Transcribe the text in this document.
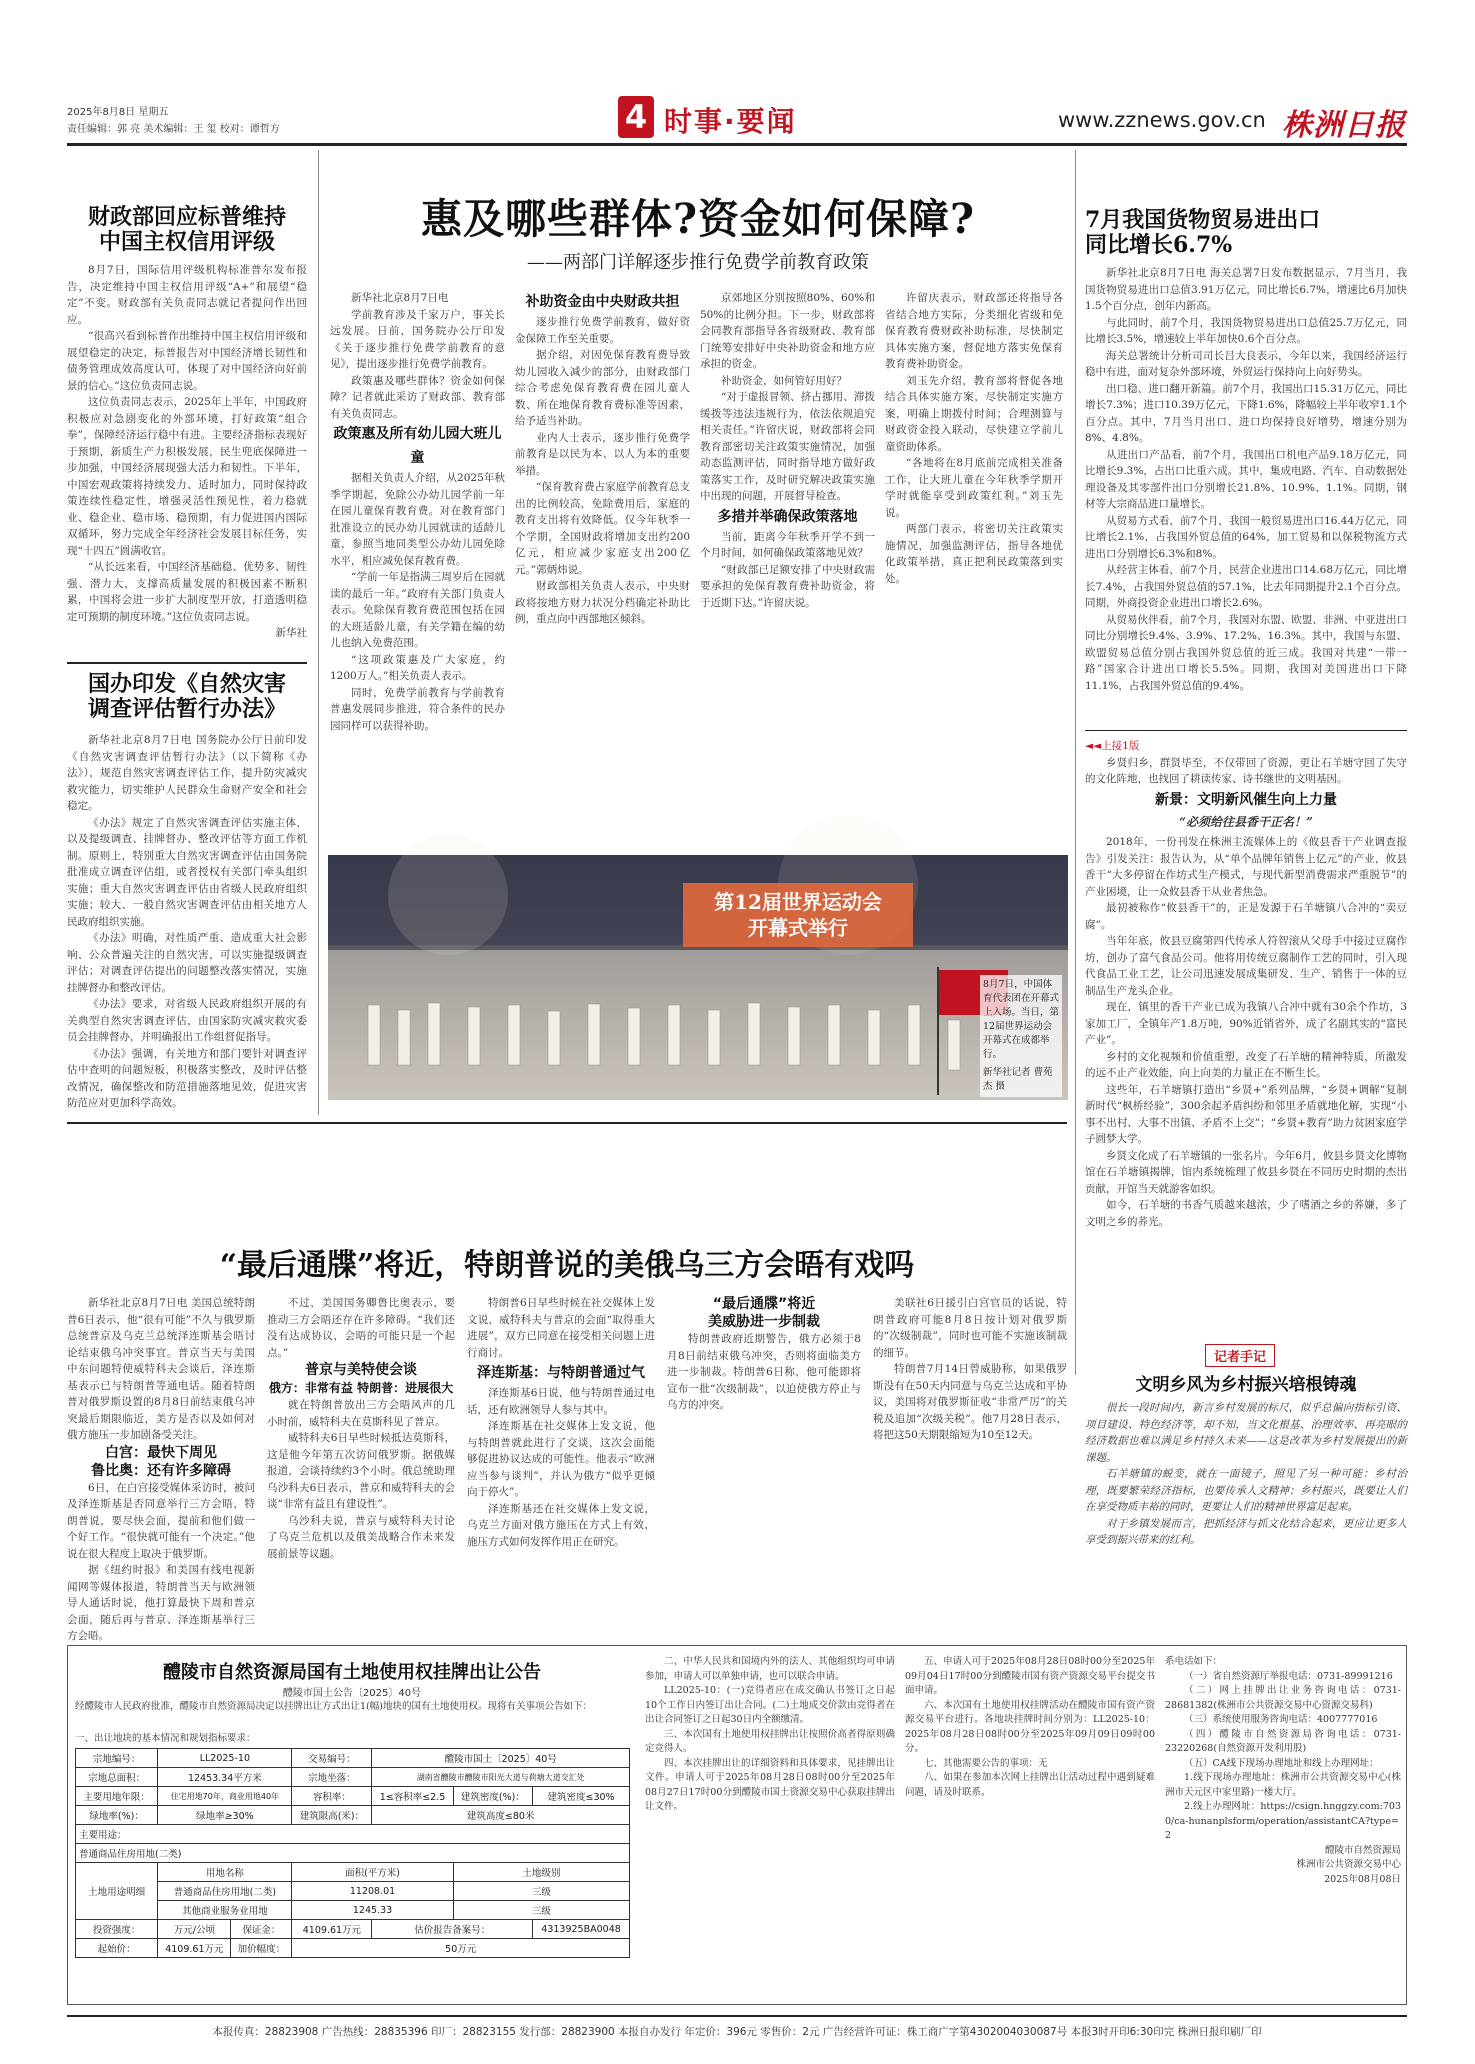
2025年8月8日 星期五
责任编辑：郭 亮 美术编辑：王 玺 校对：谭哲方	4 时事·要闻	www.zznews.gov.cn 株洲日报
财政部回应标普维持
中国主权信用评级

8月7日，国际信用评级机构标准普尔发布报告，决定维持中国主权信用评级“A+”和展望“稳定”不变。财政部有关负责同志就记者提问作出回应。

“很高兴看到标普作出维持中国主权信用评级和展望稳定的决定，标普报告对中国经济增长韧性和债务管理成效高度认可，体现了对中国经济向好前景的信心。”这位负责同志说。

这位负责同志表示，2025年上半年，中国政府积极应对急剧变化的外部环境，打好政策“组合拳”，保障经济运行稳中有进。主要经济指标表现好于预期，新质生产力积极发展，民生兜底保障进一步加强，中国经济展现强大活力和韧性。下半年，中国宏观政策将持续发力、适时加力，同时保持政策连续性稳定性，增强灵活性预见性，着力稳就业、稳企业、稳市场、稳预期，有力促进国内国际双循环，努力完成全年经济社会发展目标任务，实现“十四五”圆满收官。

“从长远来看，中国经济基础稳、优势多、韧性强、潜力大，支撑高质量发展的积极因素不断积累，中国将会进一步扩大制度型开放，打造透明稳定可预期的制度环境。”这位负责同志说。

新华社

国办印发《自然灾害
调查评估暂行办法》

新华社北京8月7日电 国务院办公厅日前印发《自然灾害调查评估暂行办法》（以下简称《办法》），规范自然灾害调查评估工作，提升防灾减灾救灾能力，切实维护人民群众生命财产安全和社会稳定。

《办法》规定了自然灾害调查评估实施主体，以及提级调查、挂牌督办、整改评估等方面工作机制。原则上，特别重大自然灾害调查评估由国务院批准成立调查评估组，或者授权有关部门牵头组织实施；重大自然灾害调查评估由省级人民政府组织实施；较大、一般自然灾害调查评估由相关地方人民政府组织实施。

《办法》明确，对性质严重、造成重大社会影响、公众普遍关注的自然灾害，可以实施提级调查评估；对调查评估提出的问题整改落实情况，实施挂牌督办和整改评估。

《办法》要求，对省级人民政府组织开展的有关典型自然灾害调查评估，由国家防灾减灾救灾委员会挂牌督办，并明确报出工作组督促指导。

《办法》强调，有关地方和部门要针对调查评估中查明的问题短板，积极落实整改，及时评估整改情况，确保整改和防范措施落地见效，促进灾害防范应对更加科学高效。

惠及哪些群体?资金如何保障?
——两部门详解逐步推行免费学前教育政策

新华社北京8月7日电

学前教育涉及千家万户，事关长远发展。日前，国务院办公厅印发《关于逐步推行免费学前教育的意见》，提出逐步推行免费学前教育。

政策惠及哪些群体？资金如何保障？记者就此采访了财政部、教育部有关负责同志。

政策惠及所有幼儿园大班儿童

据相关负责人介绍，从2025年秋季学期起，免除公办幼儿园学前一年在园儿童保育教育费。对在教育部门批准设立的民办幼儿园就读的适龄儿童，参照当地同类型公办幼儿园免除水平，相应减免保育教育费。

“学前一年是指满三周岁后在园就读的最后一年。”政府有关部门负责人表示。免除保育教育费范围包括在园的大班适龄儿童，有关学籍在编的幼儿也纳入免费范围。

“这项政策惠及广大家庭，约1200万人。”相关负责人表示。

同时，免费学前教育与学前教育普惠发展同步推进，符合条件的民办园同样可以获得补助。

补助资金由中央财政共担

逐步推行免费学前教育，做好资金保障工作至关重要。

据介绍，对因免保育教育费导致幼儿园收入减少的部分，由财政部门综合考虑免保育教育费在园儿童人数、所在地保育教育费标准等因素，给予适当补助。

业内人士表示，逐步推行免费学前教育是以民为本、以人为本的重要举措。

“保育教育费占家庭学前教育总支出的比例较高，免除费用后，家庭的教育支出将有效降低。仅今年秋季一个学期，全国财政将增加支出约200亿元，相应减少家庭支出200亿元。”郭炳炜说。

财政部相关负责人表示，中央财政将按地方财力状况分档确定补助比例，重点向中西部地区倾斜。

京郊地区分别按照80%、60%和50%的比例分担。下一步，财政部将会同教育部指导各省级财政、教育部门统筹安排好中央补助资金和地方应承担的资金。

补助资金，如何管好用好？

“对于虚报冒领、挤占挪用、滞拨缓拨等违法违规行为，依法依规追究相关责任。”许留庆说，财政部将会同教育部密切关注政策实施情况，加强动态监测评估，同时指导地方做好政策落实工作，及时研究解决政策实施中出现的问题，开展督导检查。

多措并举确保政策落地

当前，距离今年秋季开学不到一个月时间，如何确保政策落地见效？

“财政部已足额安排了中央财政需要承担的免保育教育费补助资金，将于近期下达。”许留庆说。

许留庆表示，财政部还将指导各省结合地方实际，分类细化省级和免保育教育费财政补助标准，尽快制定具体实施方案，督促地方落实免保育教育费补助资金。

刘玉先介绍，教育部将督促各地结合具体实施方案，尽快制定实施方案，明确上期拨付时间；合理测算与财政资金投入联动，尽快建立学前儿童资助体系。

“各地将在8月底前完成相关准备工作，让大班儿童在今年秋季学期开学时就能享受到政策红利。”刘玉先说。

两部门表示，将密切关注政策实施情况，加强监测评估，指导各地优化政策举措，真正把利民政策落到实处。

第12届世界运动会
开幕式举行
8月7日，中国体育代表团在开幕式上入场。当日，第12届世界运动会开幕式在成都举行。
新华社记者 曹苑杰 摄
7月我国货物贸易进出口
同比增长6.7%

新华社北京8月7日电 海关总署7日发布数据显示，7月当月，我国货物贸易进出口总值3.91万亿元，同比增长6.7%，增速比6月加快1.5个百分点，创年内新高。

与此同时，前7个月，我国货物贸易进出口总值25.7万亿元，同比增长3.5%，增速较上半年加快0.6个百分点。

海关总署统计分析司司长吕大良表示，今年以来，我国经济运行稳中有进，面对复杂外部环境，外贸运行保持向上向好势头。

出口稳、进口翻开新篇。前7个月，我国出口15.31万亿元，同比增长7.3%；进口10.39万亿元，下降1.6%，降幅较上半年收窄1.1个百分点。其中，7月当月出口、进口均保持良好增势，增速分别为8%、4.8%。

从进出口产品看，前7个月，我国出口机电产品9.18万亿元，同比增长9.3%，占出口比重六成。其中，集成电路、汽车、自动数据处理设备及其零部件出口分别增长21.8%、10.9%、1.1%。同期，钢材等大宗商品进口量增长。

从贸易方式看，前7个月，我国一般贸易进出口16.44万亿元，同比增长2.1%，占我国外贸总值的64%，加工贸易和以保税物流方式进出口分别增长6.3%和8%。

从经营主体看，前7个月，民营企业进出口14.68万亿元，同比增长7.4%，占我国外贸总值的57.1%，比去年同期提升2.1个百分点。同期，外商投资企业进出口增长2.6%。

从贸易伙伴看，前7个月，我国对东盟、欧盟、非洲、中亚进出口同比分别增长9.4%、3.9%、17.2%、16.3%。其中，我国与东盟、欧盟贸易总值分别占我国外贸总值的近三成。我国对共建“一带一路”国家合计进出口增长5.5%。同期，我国对美国进出口下降11.1%，占我国外贸总值的9.4%。

◄◄上接1版

乡贤归乡，群贤毕至，不仅带回了资源，更让石羊塘守回了失守的文化阵地，也找回了耕读传家、诗书继世的文明基因。

新景：文明新风催生向上力量
“必须给往县香干正名！”

2018年，一份刊发在株洲主流媒体上的《攸县香干产业调查报告》引发关注：报告认为，从“单个品牌年销售上亿元”的产业，攸县香干“大多停留在作坊式生产模式，与现代新型消费需求严重脱节”的产业困境，让一众攸县香干从业者焦急。

最初被称作“攸县香干”的，正是发源于石羊塘镇八合冲的“卖豆腐”。

当年年底，攸县豆腐第四代传承人符智滚从父母手中接过豆腐作坊，创办了富气食品公司。他将用传统豆腐制作工艺的同时，引入现代食品工业工艺，让公司迅速发展成集研发、生产、销售于一体的豆制品生产龙头企业。

现在，镇里的香干产业已成为我镇八合冲中就有30余个作坊，3家加工厂，全镇年产1.8万吨，90%近销省外，成了名副其实的“富民产业”。

乡村的文化视频和价值重塑，改变了石羊塘的精神特质，所激发的远不止产业效能，向上向美的力量正在不断生长。

这些年，石羊塘镇打造出“乡贤+”系列品牌，“乡贤+调解”复制新时代“枫桥经验”，300余起矛盾纠纷和邻里矛盾就地化解，实现“小事不出村、大事不出镇、矛盾不上交”；“乡贤+教育”助力贫困家庭学子圆梦大学。

乡贤文化成了石羊塘镇的一张名片。今年6月，攸县乡贤文化博物馆在石羊塘镇揭牌，馆内系统梳理了攸县乡贤在不同历史时期的杰出贡献，开馆当天就游客如织。

如今，石羊塘的书香气质越来越浓，少了嗜酒之乡的荞嫌，多了文明之乡的荞光。

记者手记
文明乡风为乡村振兴培根铸魂

很长一段时间内，新言乡村发展的标尺，似乎总偏向指标引资、项目建设、特色经济等，却不知，当文化根基、治理效率、再亮眼的经济数据也难以满足乡村持久未来——这是改革为乡村发展提出的新课题。

石羊塘镇的蜕变，就在一面镜子，照见了另一种可能：乡村治理，既要繁荣经济指标，也要传承人文精神；乡村振兴，既要让人们在享受物质丰裕的同时，更要让人们的精神世界富足起来。

对于乡镇发展而言，把抓经济与抓文化结合起来，更应让更多人享受到振兴带来的红利。

“最后通牒”将近，特朗普说的美俄乌三方会晤有戏吗

新华社北京8月7日电 美国总统特朗普6日表示，他“很有可能”不久与俄罗斯总统普京及乌克兰总统泽连斯基会晤讨论结束俄乌冲突事宜。普京当天与美国中东问题特使威特科夫会谈后，泽连斯基表示已与特朗普等通电话。随着特朗普对俄罗斯设置的8月8日前结束俄乌冲突最后期限临近，美方是否以及如何对俄方施压一步加剧备受关注。

白宫：最快下周见
鲁比奥：还有许多障碍

6日，在白宫接受媒体采访时，被问及泽连斯基是否同意举行三方会晤，特朗普说，要尽快会面，提前和他们做一个好工作。“很快就可能有一个决定。”他说在很大程度上取决于俄罗斯。

据《纽约时报》和美国有线电视新闻网等媒体报道，特朗普当天与欧洲领导人通话时说，他打算最快下周和普京会面，随后再与普京、泽连斯基举行三方会晤。

不过，美国国务卿鲁比奥表示，要推动三方会晤还存在许多障碍。“我们还没有达成协议，会晤的可能只是一个起点。”

普京与美特使会谈
俄方：非常有益 特朗普：进展很大

就在特朗普放出三方会晤风声的几小时前，威特科夫在莫斯科见了普京。

威特科夫6日早些时候抵达莫斯科，这是他今年第五次访问俄罗斯。据俄媒报道，会谈持续约3个小时。俄总统助理乌沙科夫6日表示，普京和威特科夫的会谈“非常有益且有建设性”。

乌沙科夫说，普京与威特科夫讨论了乌克兰危机以及俄美战略合作未来发展前景等议题。

特朗普6日早些时候在社交媒体上发文说，威特科夫与普京的会面“取得重大进展”，双方已同意在接受相关问题上进行商讨。

泽连斯基：与特朗普通过气

泽连斯基6日说，他与特朗普通过电话，还有欧洲领导人参与其中。

泽连斯基在社交媒体上发文说，他与特朗普就此进行了交谈，这次会面能够促进协议达成的可能性。他表示“欧洲应当参与谈判”，并认为俄方“似乎更倾向于停火”。

泽连斯基还在社交媒体上发文说，乌克兰方面对俄方施压在方式上有效，施压方式如何发挥作用正在研究。

“最后通牒”将近
美威胁进一步制裁

特朗普政府近期警告，俄方必须于8月8日前结束俄乌冲突，否则将面临美方进一步制裁。特朗普6日称，他可能即将宣布一批“次级制裁”，以迫使俄方停止与乌方的冲突。

美联社6日援引白宫官员的话说，特朗普政府可能8月8日按计划对俄罗斯的“次级制裁”，同时也可能不实施该制裁的细节。

特朗普7月14日曾威胁称，如果俄罗斯没有在50天内同意与乌克兰达成和平协议，美国将对俄罗斯征收“非常严厉”的关税及追加“次级关税”。他7月28日表示，将把这50天期限缩短为10至12天。

醴陵市自然资源局国有土地使用权挂牌出让公告
醴陵市国土公告〔2025〕40号
经醴陵市人民政府批准，醴陵市自然资源局决定以挂牌出让方式出让1(幅)地块的国有土地使用权。现将有关事项公告如下：
一、出让地块的基本情况和规划指标要求：
宗地编号：	LL2025-10		交易编号：	醴陵市国土〔2025〕40号		
宗地总面积：	12453.34平方米		宗地坐落：	湖南省醴陵市醴陵市阳光大道与荷塘大道交汇处		
主要用地年限：	住宅用地70年，商业用地40年		容积率：	1≤容积率≤2.5	建筑密度(%)：	建筑密度≤30%
绿地率(%)：	绿地率≥30%		建筑限高(米)：	建筑高度≤80米		
主要用途：						
普通商品住房用地(二类)						
土地用途明细	用地名称		面积(平方米)		土地级别	
	普通商品住房用地(二类)		11208.01		三级	
	其他商业服务业用地		1245.33		三级	
投资强度：	万元/公顷	保证金：	4109.61万元	估价报告备案号：		4313925BA0048
起始价：	4109.61万元	加价幅度：	50万元			

二、中华人民共和国境内外的法人、其他组织均可申请参加，申请人可以单独申请，也可以联合申请。

LL2025-10：(一)竞得者应在成交确认书签订之日起10个工作日内签订出让合同。(二)土地成交价款由竞得者在出让合同签订之日起30日内全额缴清。

三、本次国有土地使用权挂牌出让按照价高者得原则确定竞得人。

四、本次挂牌出让的详细资料和具体要求，见挂牌出让文件。申请人可于2025年08月28日08时00分至2025年08月27日17时00分到醴陵市国土资源交易中心获取挂牌出让文件。

五、申请人可于2025年08月28日08时00分至2025年09月04日17时00分到醴陵市国有资产资源交易平台提交书面申请。

六、本次国有土地使用权挂牌活动在醴陵市国有资产资源交易平台进行。各地块挂牌时间分别为：LL2025-10：2025年08月28日08时00分至2025年09月09日09时00分。

七、其他需要公告的事项：无

八、如果在参加本次网上挂牌出让活动过程中遇到疑难问题，请及时联系。

系电话如下：

（一）省自然资源厅举报电话：0731-89991216

（二）网上挂牌出让业务咨询电话：0731-28681382(株洲市公共资源交易中心资源交易科)

（三）系统使用服务咨询电话：4007777016

（四）醴陵市自然资源局咨询电话：0731-23220268(自然资源开发利用股)

（五）CA线下现场办理地址和线上办理网址：

1.线下现场办理地址：株洲市公共资源交易中心(株洲市天元区中家里路)一楼大厅。

2.线上办理网址：https://csign.hnggzy.com:7030/ca-hunanplsform/operation/assistantCA?type=2

醴陵市自然资源局

株洲市公共资源交易中心

2025年08月08日

本报传真：28823908 广告热线：28835396 印厂：28823155 发行部：28823900 本报自办发行 年定价：396元 零售价：2元 广告经营许可证：株工商广字第4302004030087号 本报3时开印6:30印完 株洲日报印刷厂印
